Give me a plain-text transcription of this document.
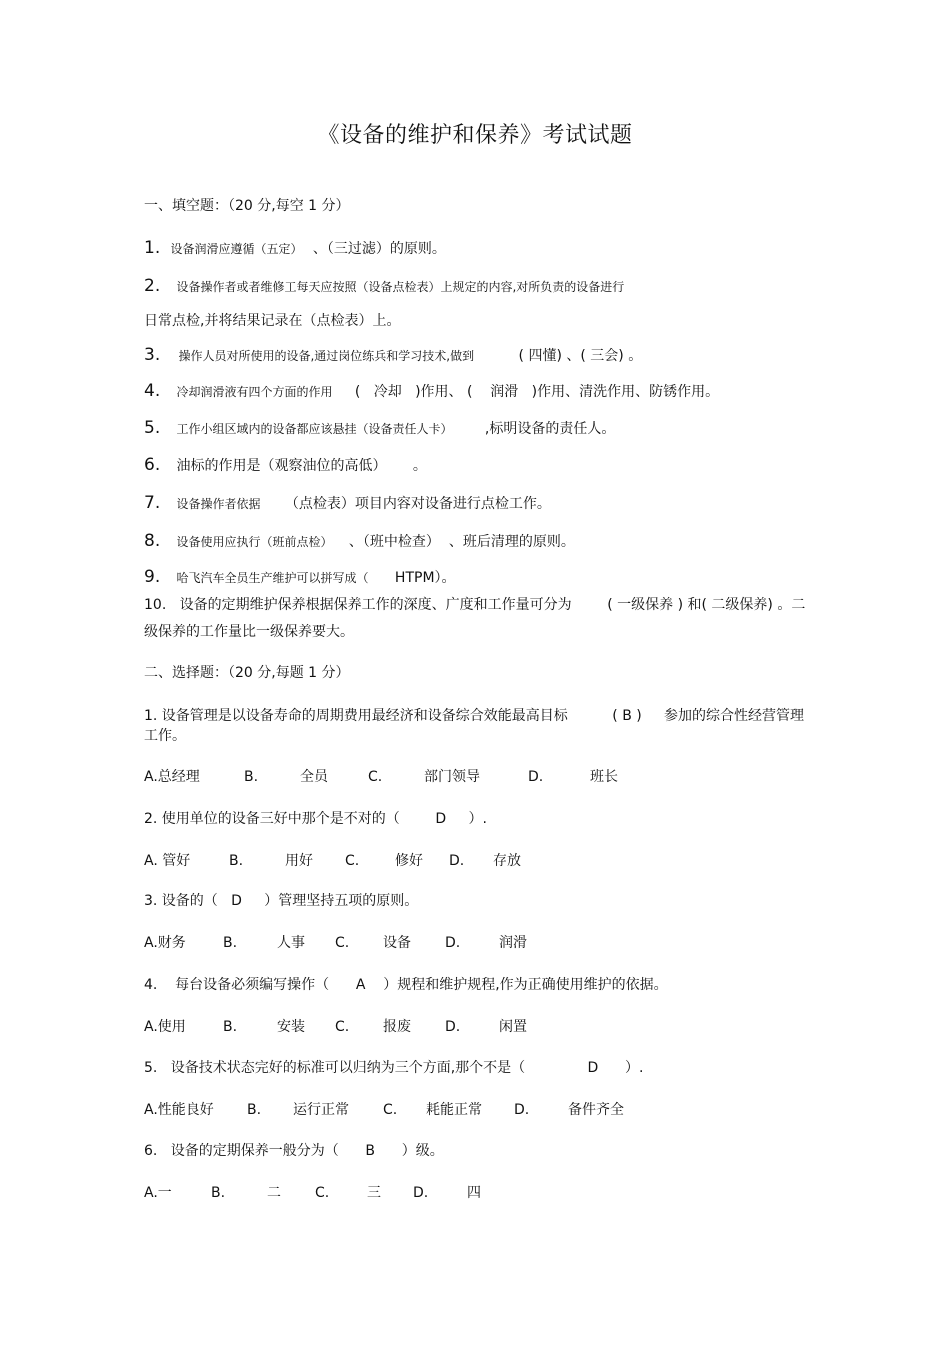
《设备的维护和保养》考试试题
一、填空题：（20 分,每空 1 分）
1. 设备润滑应遵循（五定） 、（三过滤）的原则。
2. 设备操作者或者维修工每天应按照（设备点检表）上规定的内容,对所负责的设备进行
日常点检,并将结果记录在（点检表）上。
3. 操作人员对所使用的设备,通过岗位练兵和学习技术,做到	( 四懂) 、( 三会) 。
4. 冷却润滑液有四个方面的作用 (   冷却   )作用、 (    润滑   )作用、清洗作用、防锈作用。
5. 工作小组区域内的设备都应该悬挂（设备责任人卡） ,标明设备的责任人。
6. 油标的作用是（观察油位的高低） 。
7. 设备操作者依据 （点检表）项目内容对设备进行点检工作。
8. 设备使用应执行（班前点检） 、（班中检查）  、班后清理的原则。
9. 哈飞汽车全员生产维护可以拼写成（ HTPM）。
10.   设备的定期维护保养根据保养工作的深度、广度和工作量可分为        ( 一级保养 ) 和( 二级保养) 。二级保养的工作量比一级保养要大。
二、选择题：（20 分,每题 1 分）
1. 设备管理是以设备寿命的周期费用最经济和设备综合效能最高目标          ( B )     参加的综合性经营管理工作。
A.总经理	B.	全员	C.	部门领导	D.	班长
2. 使用单位的设备三好中那个是不对的（        D     ）.
A. 管好	B.	用好 C.	修好 D. 存放
3. 设备的（   D     ）管理坚持五项的原则。
A.财务	B.	人事 C. 设备 D.	润滑
4.    每台设备必须编写操作（      A    ）规程和维护规程,作为正确使用维护的依据。
A.使用	B.	安装 C. 报废 D.	闲置
5.   设备技术状态完好的标准可以归纳为三个方面,那个不是（              D      ）.
A.性能良好 B. 运行正常 C. 耗能正常 D.	备件齐全
6.   设备的定期保养一般分为（      B      ）级。
A.一	B.	二 C.	三 D.	四
